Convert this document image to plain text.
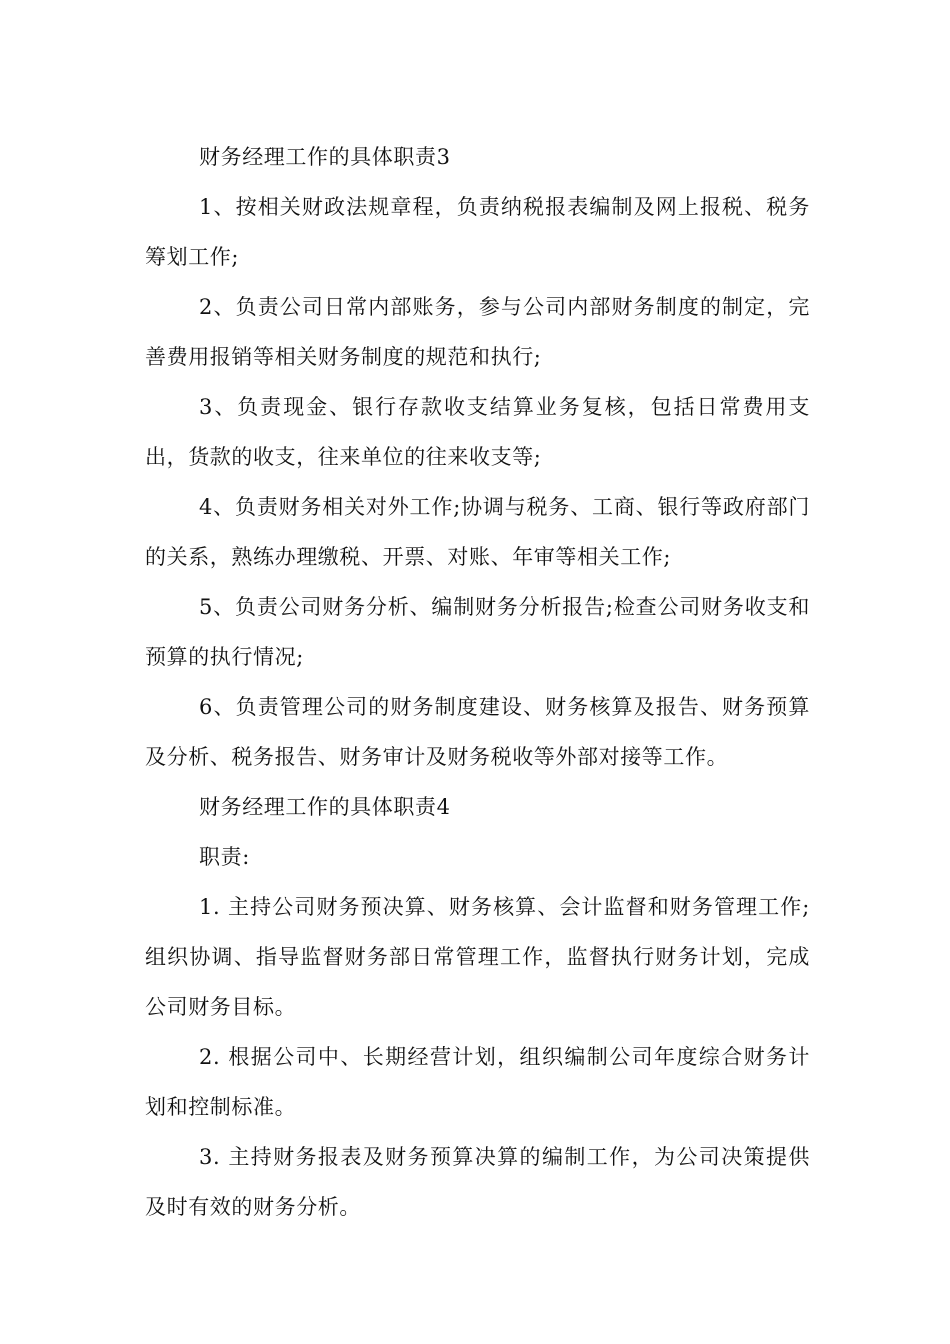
财务经理工作的具体职责3

1、按相关财政法规章程，负责纳税报表编制及网上报税、税务筹划工作;

2、负责公司日常内部账务，参与公司内部财务制度的制定，完善费用报销等相关财务制度的规范和执行;

3、负责现金、银行存款收支结算业务复核，包括日常费用支出，货款的收支，往来单位的往来收支等;

4、负责财务相关对外工作;协调与税务、工商、银行等政府部门的关系，熟练办理缴税、开票、对账、年审等相关工作;

5、负责公司财务分析、编制财务分析报告;检查公司财务收支和预算的执行情况;

6、负责管理公司的财务制度建设、财务核算及报告、财务预算及分析、税务报告、财务审计及财务税收等外部对接等工作。

财务经理工作的具体职责4

职责:

1. 主持公司财务预决算、财务核算、会计监督和财务管理工作;组织协调、指导监督财务部日常管理工作，监督执行财务计划，完成公司财务目标。

2. 根据公司中、长期经营计划，组织编制公司年度综合财务计划和控制标准。

3. 主持财务报表及财务预算决算的编制工作，为公司决策提供及时有效的财务分析。
